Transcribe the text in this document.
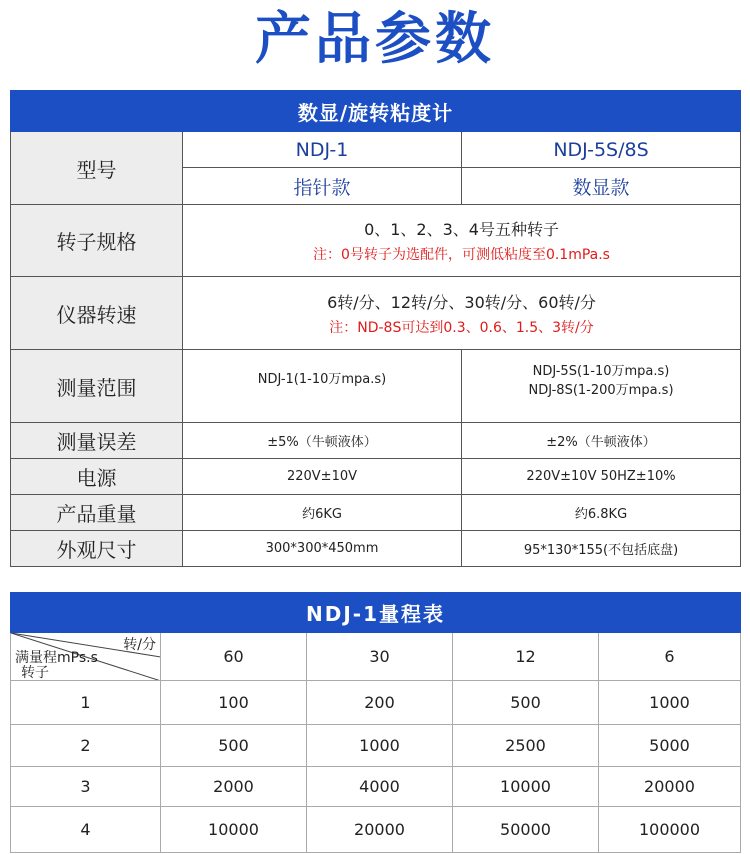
产品参数
数显/旋转粘度计		
型号	NDJ-1	NDJ-5S/8S
	指针款	数显款
转子规格	0、1、2、3、4号五种转子
注：0号转子为选配件，可测低粘度至0.1mPa.s	

仪器转速	6转/分、12转/分、30转/分、60转/分
注：ND-8S可达到0.3、0.6、1.5、3转/分	

测量范围	NDJ-1(1-10万mpa.s)	NDJ-5S(1-10万mpa.s)
NDJ-8S(1-200万mpa.s)

测量误差	±5%（牛顿液体）	±2%（牛顿液体）
电源	220V±10V	220V±10V 50HZ±10%
产品重量	约6KG	约6.8KG
外观尺寸	300*300*450mm	95*130*155(不包括底盘)
NDJ-1量程表				

转/分
满量程mPs.s
转子	60	30	12	6
1	100	200	500	1000
2	500	1000	2500	5000
3	2000	4000	10000	20000
4	10000	20000	50000	100000
